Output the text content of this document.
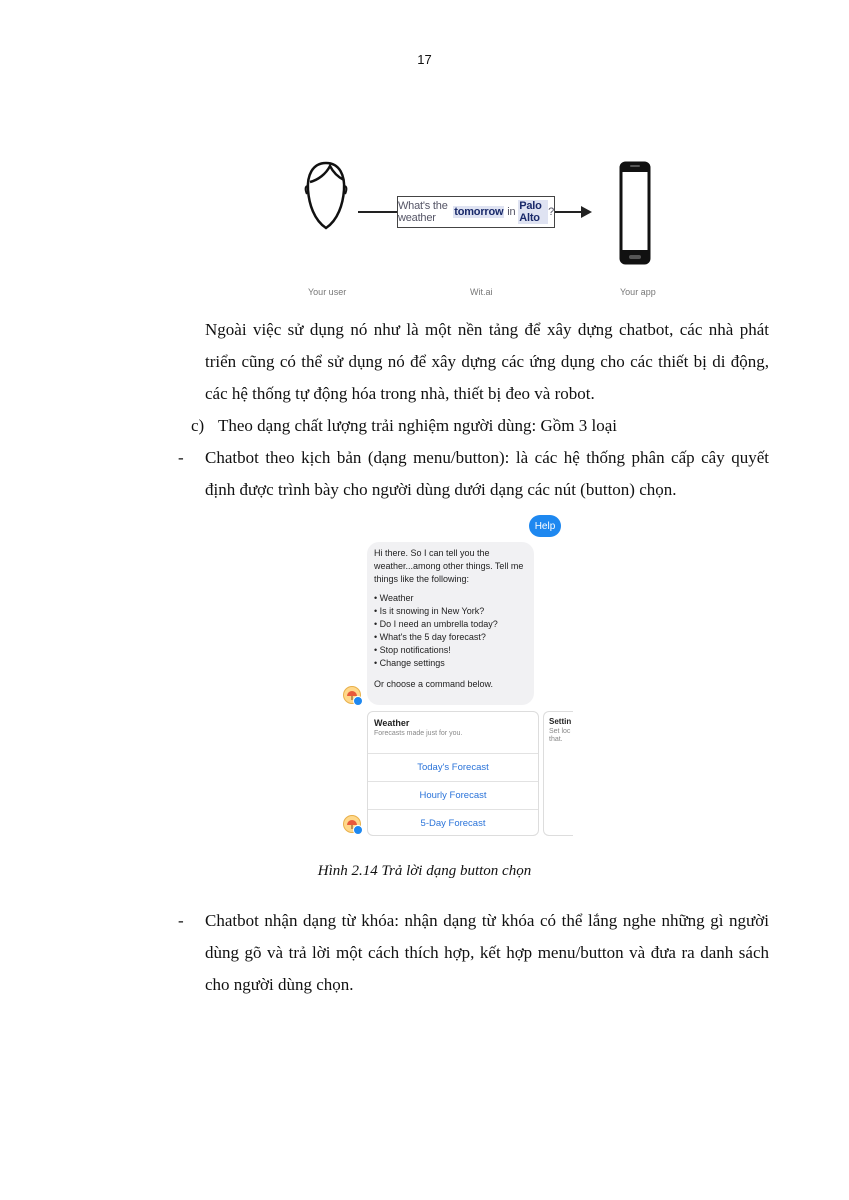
17
What's the weather	tomorrow in Palo Alto ?
Your user	Wit.ai	Your app
Ngoài việc sử dụng nó như là một nền tảng để xây dựng chatbot, các nhà phát triển cũng có thể sử dụng nó để xây dựng các ứng dụng cho các thiết bị di động, các hệ thống tự động hóa trong nhà, thiết bị đeo và robot.
c) Theo dạng chất lượng trải nghiệm người dùng: Gồm 3 loại
- Chatbot theo kịch bản (dạng menu/button): là các hệ thống phân cấp cây quyết định được trình bày cho người dùng dưới dạng các nút (button) chọn.
Help
Hi there. So I can tell you the weather...among other things. Tell me things like the following:
• Weather
• Is it snowing in New York?
• Do I need an umbrella today?
• What's the 5 day forecast?
• Stop notifications!
• Change settings
Or choose a command below.
Weather
Forecasts made just for you.
Today's Forecast
Hourly Forecast
5-Day Forecast
Settin
Set loc that.
Hình 2.14 Trả lời dạng button chọn
- Chatbot nhận dạng từ khóa: nhận dạng từ khóa có thể lắng nghe những gì người dùng gõ và trả lời một cách thích hợp, kết hợp menu/button và đưa ra danh sách cho người dùng chọn.
